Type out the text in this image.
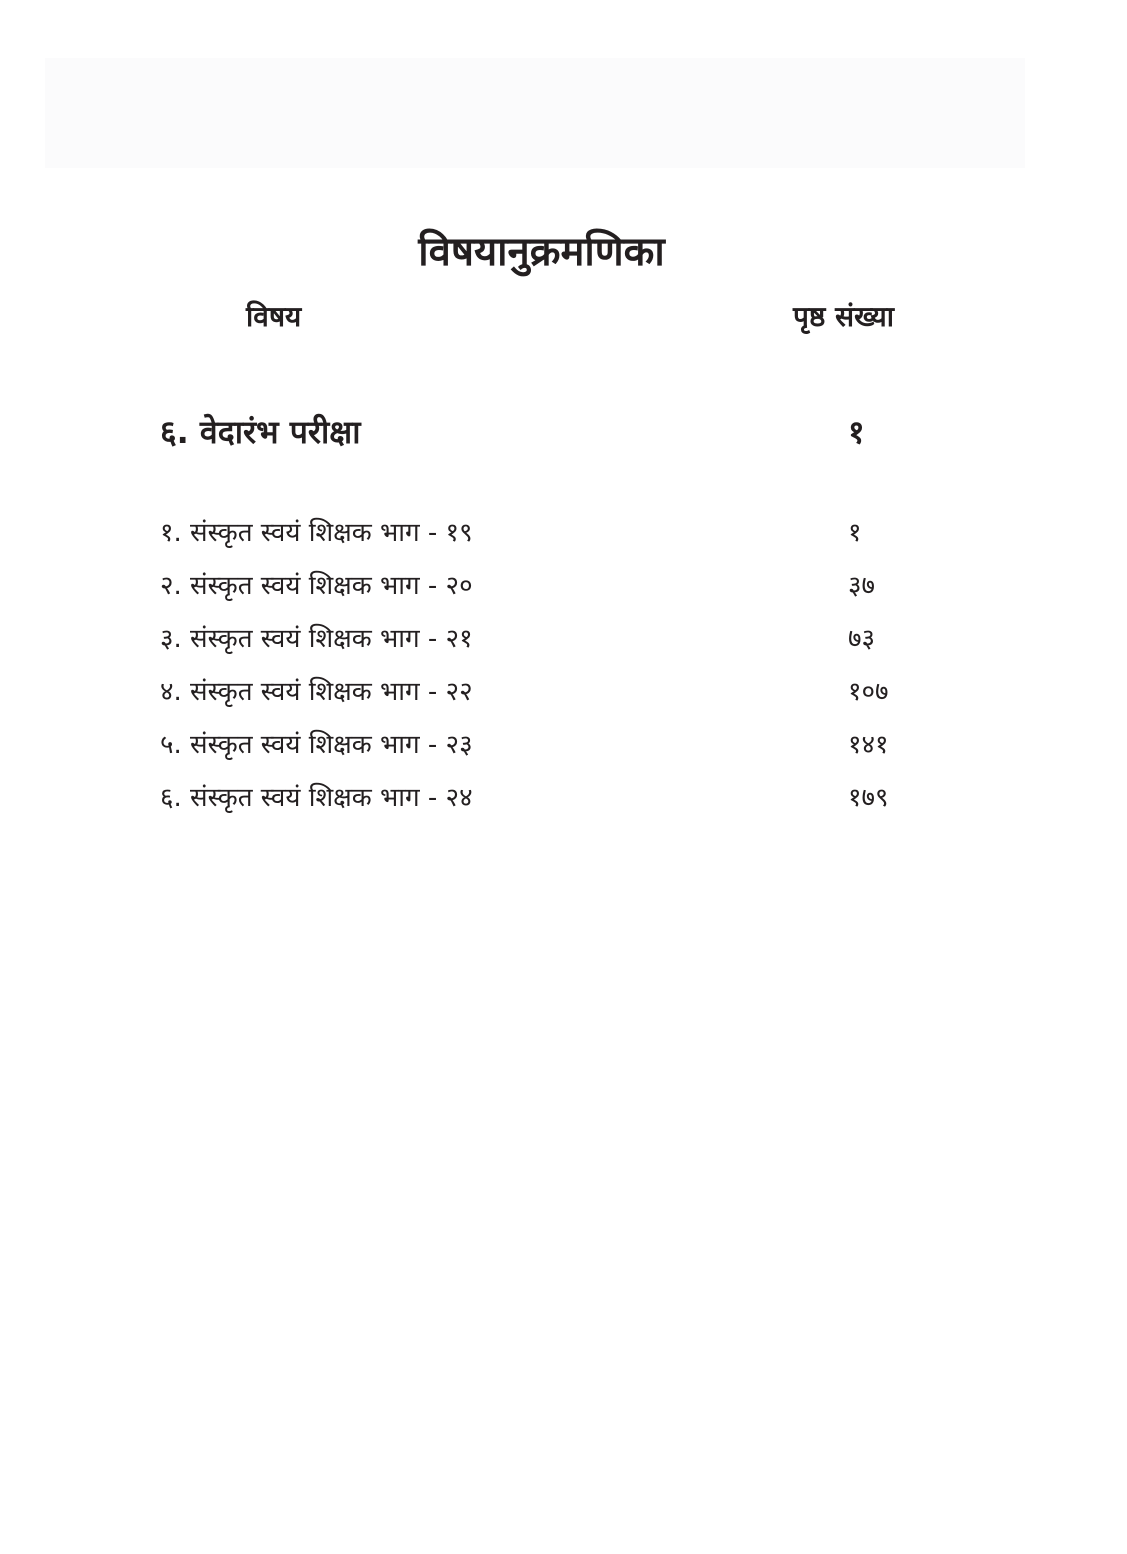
विषयानुक्रमणिका
विषय	पृष्ठ संख्या
६. वेदारंभ परीक्षा	१
१. संस्कृत स्वयं शिक्षक भाग - १९	१
२. संस्कृत स्वयं शिक्षक भाग - २०	३७
३. संस्कृत स्वयं शिक्षक भाग - २१	७३
४. संस्कृत स्वयं शिक्षक भाग - २२	१०७
५. संस्कृत स्वयं शिक्षक भाग - २३	१४१
६. संस्कृत स्वयं शिक्षक भाग - २४	१७९
